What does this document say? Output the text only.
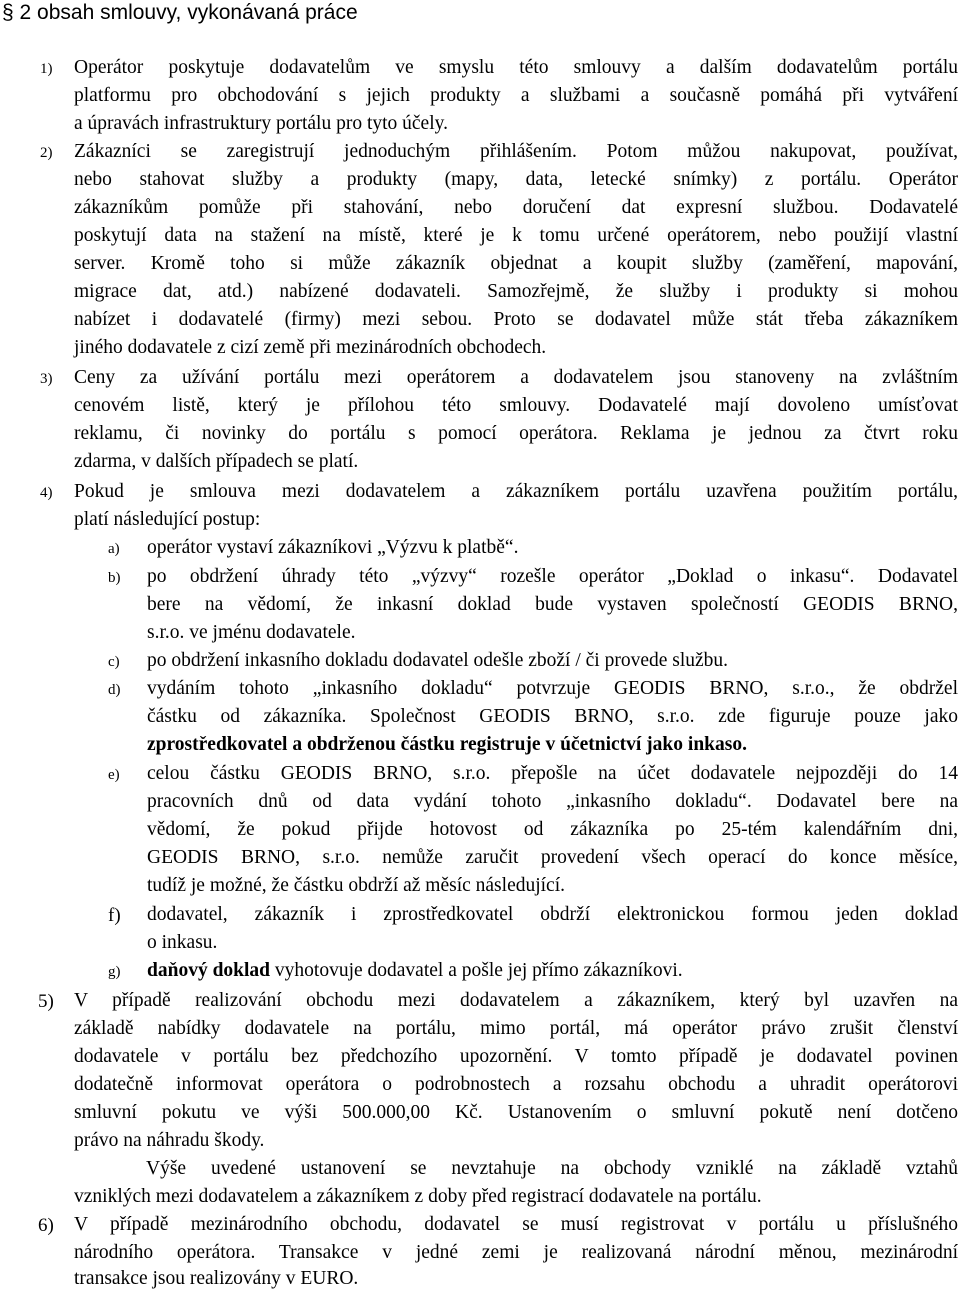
§ 2 obsah smlouvy, vykonávaná práce
1) Operátor poskytuje dodavatelům ve smyslu této smlouvy a dalším dodavatelům portálu
platformu pro obchodování s jejich produkty a službami a současně pomáhá při vytváření
a úpravách infrastruktury portálu pro tyto účely.
2) Zákazníci se zaregistrují jednoduchým přihlášením. Potom můžou nakupovat, používat,
nebo stahovat služby a produkty (mapy, data, letecké snímky) z portálu. Operátor
zákazníkům pomůže při stahování, nebo doručení dat expresní službou. Dodavatelé
poskytují data na stažení na místě, které je k tomu určené operátorem, nebo použijí vlastní
server. Kromě toho si může zákazník objednat a koupit služby (zaměření, mapování,
migrace dat, atd.) nabízené dodavateli. Samozřejmě, že služby i produkty si mohou
nabízet i dodavatelé (firmy) mezi sebou. Proto se dodavatel může stát třeba zákazníkem
jiného dodavatele z cizí země při mezinárodních obchodech.
3) Ceny za užívání portálu mezi operátorem a dodavatelem jsou stanoveny na zvláštním
cenovém listě, který je přílohou této smlouvy. Dodavatelé mají dovoleno umísťovat
reklamu, či novinky do portálu s pomocí operátora. Reklama je jednou za čtvrt roku
zdarma, v dalších případech se platí.
4) Pokud je smlouva mezi dodavatelem a zákazníkem portálu uzavřena použitím portálu,
platí následující postup:
a) operátor vystaví zákazníkovi „Výzvu k platbě“.
b) po obdržení úhrady této „výzvy“ rozešle operátor „Doklad o inkasu“. Dodavatel
bere na vědomí, že inkasní doklad bude vystaven společností GEODIS BRNO,
s.r.o. ve jménu dodavatele.
c) po obdržení inkasního dokladu dodavatel odešle zboží / či provede službu.
d) vydáním tohoto „inkasního dokladu“ potvrzuje GEODIS BRNO, s.r.o., že obdržel
částku od zákazníka. Společnost GEODIS BRNO, s.r.o. zde figuruje pouze jako
zprostředkovatel a obdrženou částku registruje v účetnictví jako inkaso.
e) celou částku GEODIS BRNO, s.r.o. přepošle na účet dodavatele nejpozději do 14
pracovních dnů od data vydání tohoto „inkasního dokladu“. Dodavatel bere na
vědomí, že pokud přijde hotovost od zákazníka po 25-tém kalendářním dni,
GEODIS BRNO, s.r.o. nemůže zaručit provedení všech operací do konce měsíce,
tudíž je možné, že částku obdrží až měsíc následující.
f) dodavatel, zákazník i zprostředkovatel obdrží elektronickou formou jeden doklad
o inkasu.
g) daňový doklad vyhotovuje dodavatel a pošle jej přímo zákazníkovi.
5) V případě realizování obchodu mezi dodavatelem a zákazníkem, který byl uzavřen na
základě nabídky dodavatele na portálu, mimo portál, má operátor právo zrušit členství
dodavatele v portálu bez předchozího upozornění. V tomto případě je dodavatel povinen
dodatečně informovat operátora o podrobnostech a rozsahu obchodu a uhradit operátorovi
smluvní pokutu ve výši 500.000,00 Kč. Ustanovením o smluvní pokutě není dotčeno
právo na náhradu škody.
Výše uvedené ustanovení se nevztahuje na obchody vzniklé na základě vztahů
vzniklých mezi dodavatelem a zákazníkem z doby před registrací dodavatele na portálu.
6) V případě mezinárodního obchodu, dodavatel se musí registrovat v portálu u příslušného
národního operátora. Transakce v jedné zemi je realizovaná národní měnou, mezinárodní
transakce jsou realizovány v EURO.
